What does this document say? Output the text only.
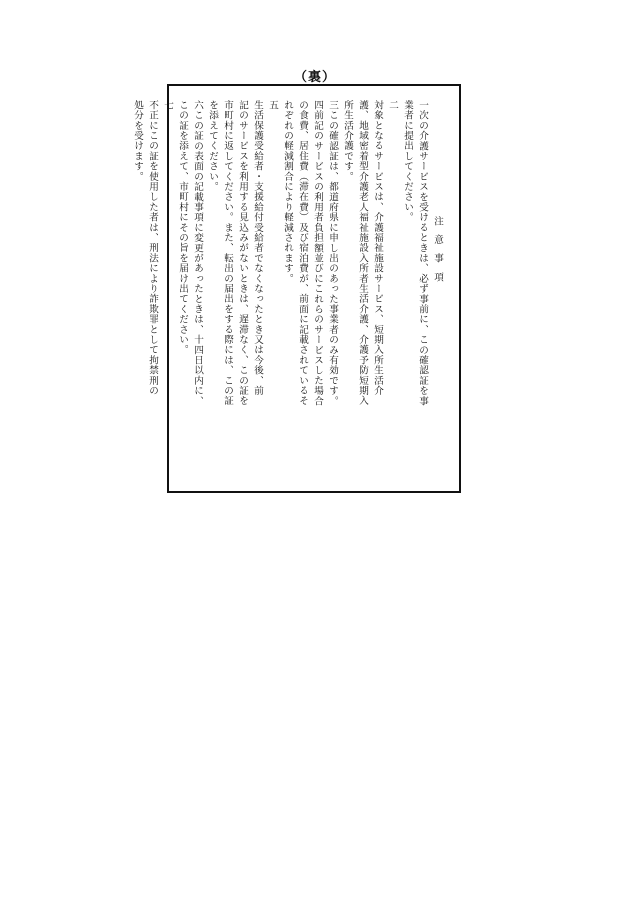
（裏）
注 意 事 項
一次の介護サービスを受けるときは、必ず事前に、この確認証を事
業者に提出してください。
二
対象となるサービスは、介護福祉施設サービス、短期入所生活介
護、地域密着型介護老人福祉施設入所者生活介護、介護予防短期入
所生活介護です。
三この確認証は、都道府県に申し出のあった事業者のみ有効です。
四前記のサービスの利用者負担額並びにこれらのサービスした場合
の食費、居住費（滞在費）及び宿泊費が、前面に記載されているそ
れぞれの軽減割合により軽減されます。
五
生活保護受給者・支援給付受給者でなくなったとき又は今後、前
記のサービスを利用する見込みがないときは、遅滞なく、この証を
市町村に返してください。また、転出の届出をする際には、この証
を添えてください。
六この証の表面の記載事項に変更があったときは、十四日以内に、
この証を添えて、市町村にその旨を届け出てください。
七
不正にこの証を使用した者は、刑法により詐欺罪として拘禁刑の
処分を受けます。
